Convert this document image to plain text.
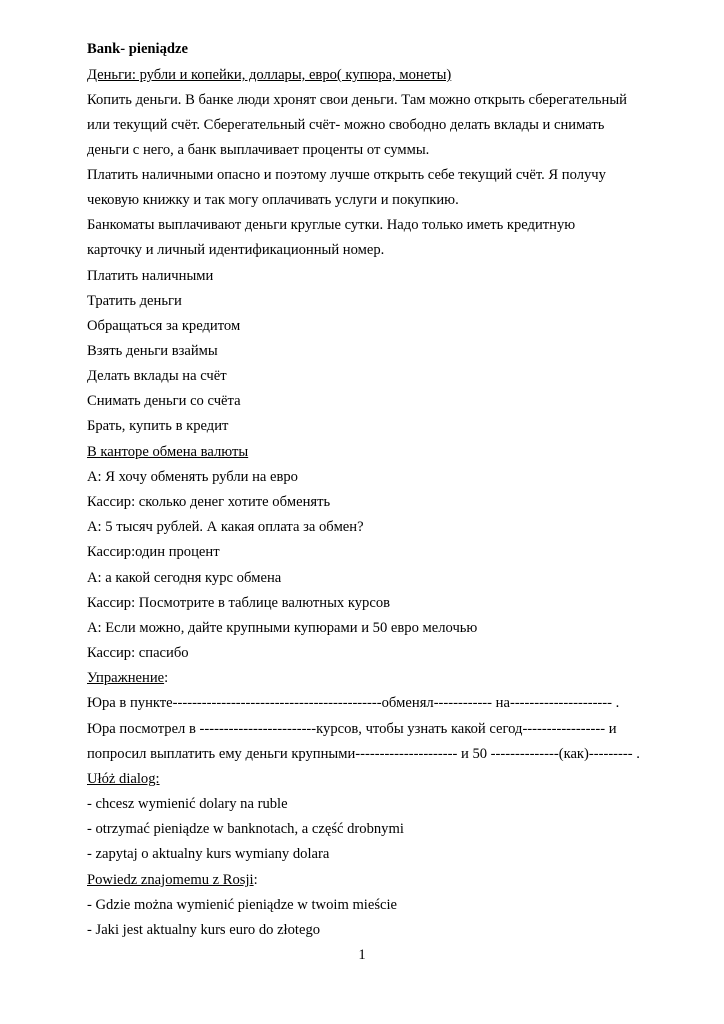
Bank- pieniądze
Деньги: рубли и копейки, доллары, евро( купюра, монеты)
Копить деньги. В банке люди хронят свои деньги. Там можно открыть сберегательный
или текущий счёт. Сберегательный счёт- можно свободно делать вклады и снимать
деньги с него, а банк выплачивает проценты от суммы.
Платить наличными опасно и поэтому лучше открыть себе текущий счёт. Я получу
чековую книжку и так могу оплачивать услуги и покупкию.
Банкоматы выплачивают деньги круглые сутки. Надо только иметь кредитную
карточку и личный идентификационный номер.
Платить наличными
Тратить деньги
Обращаться за кредитом
Взять деньги взаймы
Делать вклады на счёт
Снимать деньги со счёта
Брать, купить в кредит
В канторе обмена валюты
А: Я хочу обменять рубли на евро
Кассир: сколько денег хотите обменять
А: 5 тысяч рублей. А какая оплата за обмен?
Кассир:один процент
А: а какой сегодня курс обмена
Кассир: Посмотрите в таблице валютных курсов
А: Если можно, дайте крупными купюрами и 50 евро мелочью
Кассир: спасибо
Упражнение:
Юра в пункте-------------------------------------------обменял------------ на--------------------- .
Юра посмотрел в ------------------------курсов, чтобы узнать какой сегод----------------- и
попросил выплатить ему деньги крупными--------------------- и 50 --------------(как)--------- .
Ułóż dialog:
- chcesz wymienić dolary na ruble
- otrzymać pieniądze w banknotach, a część drobnymi
- zapytaj o aktualny kurs wymiany dolara
Powiedz znajomemu z Rosji:
- Gdzie można wymienić pieniądze w twoim mieście
- Jaki jest aktualny kurs euro do złotego
1
